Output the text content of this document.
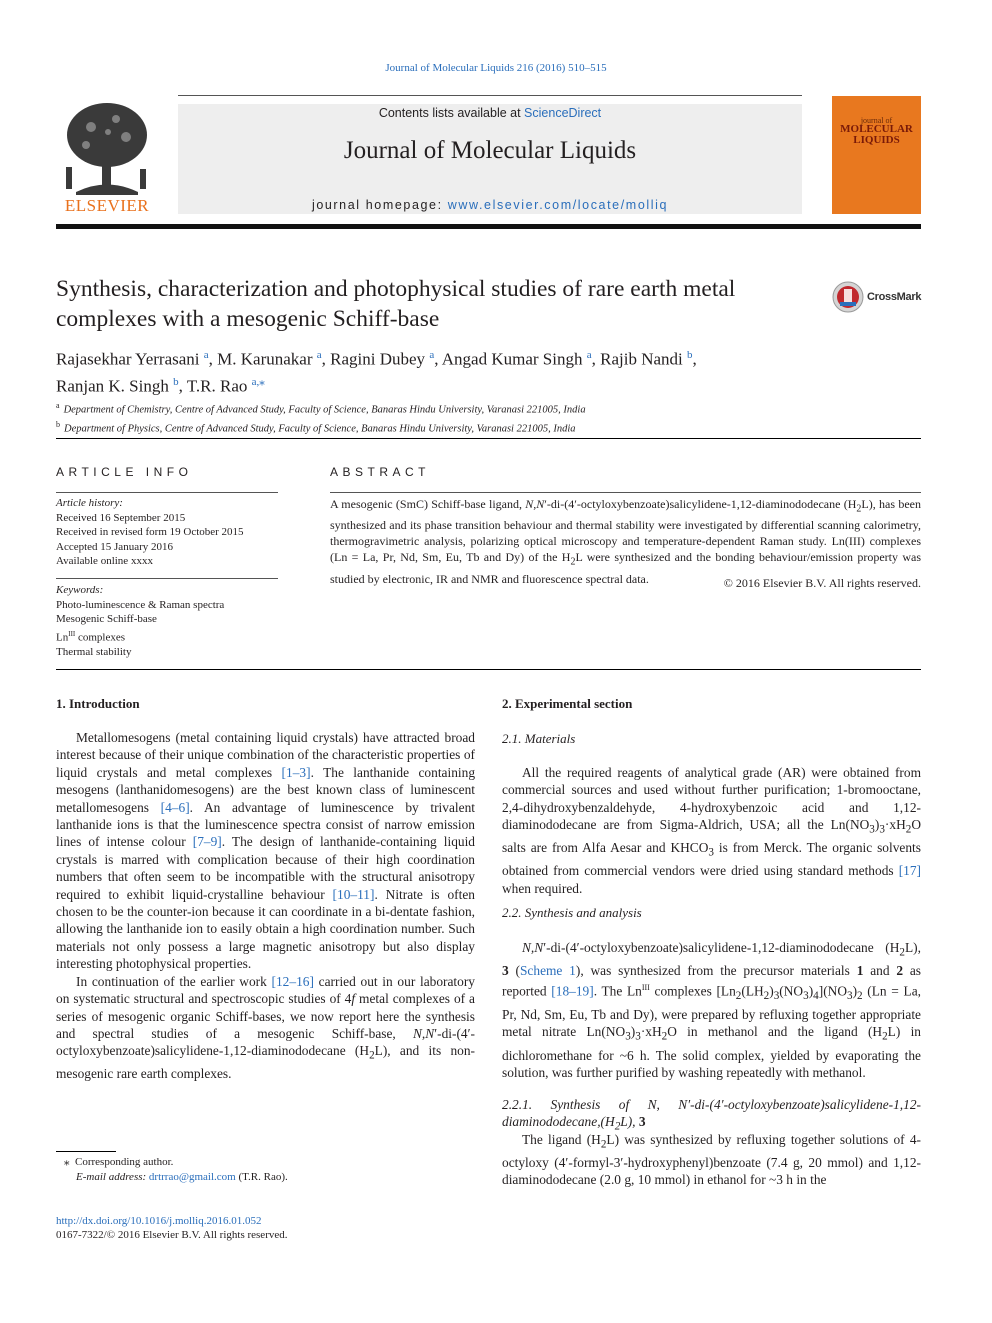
Journal of Molecular Liquids 216 (2016) 510–515
ELSEVIER
Contents lists available at ScienceDirect
Journal of Molecular Liquids
journal homepage: www.elsevier.com/locate/molliq
journal of
MOLECULAR
LIQUIDS
Synthesis, characterization and photophysical studies of rare earth metal complexes with a mesogenic Schiff-base
CrossMark
Rajasekhar Yerrasani $^a$, M. Karunakar $^a$, Ragini Dubey $^a$, Angad Kumar Singh $^a$, Rajib Nandi $^b$,
Ranjan K. Singh $^b$, T.R. Rao $^{a,⁎}$
$^a$ Department of Chemistry, Centre of Advanced Study, Faculty of Science, Banaras Hindu University, Varanasi 221005, India
$^b$ Department of Physics, Centre of Advanced Study, Faculty of Science, Banaras Hindu University, Varanasi 221005, India
ARTICLE INFO	ABSTRACT
Article history:
Received 16 September 2015
Received in revised form 19 October 2015
Accepted 15 January 2016
Available online xxxx
Keywords:
Photo-luminescence & Raman spectra
Mesogenic Schiff-base
$Ln^{III}$ complexes
Thermal stability
A mesogenic (SmC) Schiff-base ligand, N,N′-di-(4′-octyloxybenzoate)salicylidene-1,12-diaminododecane $(H_2L)$, has been synthesized and its phase transition behaviour and thermal stability were investigated by differential scanning calorimetry, thermogravimetric analysis, polarizing optical microscopy and temperature-dependent Raman study. Ln(III) complexes (Ln = La, Pr, Nd, Sm, Eu, Tb and Dy) of the $H_2L$ were synthesized and the bonding behaviour/emission property was studied by electronic, IR and NMR and fluorescence spectral data.	© 2016 Elsevier B.V. All rights reserved.
1. Introduction

Metallomesogens (metal containing liquid crystals) have attracted broad interest because of their unique combination of the characteristic properties of liquid crystals and metal complexes [1–3]. The lanthanide containing mesogens (lanthanidomesogens) are the best known class of luminescent metallomesogens [4–6]. An advantage of luminescence by trivalent lanthanide ions is that the luminescence spectra consist of narrow emission lines of intense colour [7–9]. The design of lanthanide-containing liquid crystals is marred with complication because of their high coordination numbers that often seem to be incompatible with the structural anisotropy required to exhibit liquid-crystalline behaviour [10–11]. Nitrate is often chosen to be the counter-ion because it can coordinate in a bi-dentate fashion, allowing the lanthanide ion to easily obtain a high coordination number. Such materials not only possess a large magnetic anisotropy but also display interesting photophysical properties.

In continuation of the earlier work [12–16] carried out in our laboratory on systematic structural and spectroscopic studies of 4f metal complexes of a series of mesogenic organic Schiff-bases, we now report here the synthesis and spectral studies of a mesogenic Schiff-base, N,N′-di-(4′-octyloxybenzoate)salicylidene-1,12-diaminododecane $(H_2L)$, and its non-mesogenic rare earth complexes.

2. Experimental section
2.1. Materials

All the required reagents of analytical grade (AR) were obtained from commercial sources and used without further purification; 1-bromooctane, 2,4-dihydroxybenzaldehyde, 4-hydroxybenzoic acid and 1,12-diaminododecane are from Sigma-Aldrich, USA; all the $Ln(NO_3)_3\cdot xH_2O$ salts are from Alfa Aesar and $KHCO_3$ is from Merck. The organic solvents obtained from commercial vendors were dried using standard methods [17] when required.

2.2. Synthesis and analysis

N,N′-di-(4′-octyloxybenzoate)salicylidene-1,12-diaminododecane $(H_2L)$, 3 (Scheme 1), was synthesized from the precursor materials 1 and 2 as reported [18–19]. The $Ln^{III}$ complexes $[Ln_2(LH_2)_3(NO_3)_4](NO_3)_2$ (Ln = La, Pr, Nd, Sm, Eu, Tb and Dy), were prepared by refluxing together appropriate metal nitrate $Ln(NO_3)_3\cdot xH_2O$ in methanol and the ligand $(H_2L)$ in dichloromethane for ~6 h. The solid complex, yielded by evaporating the solution, was further purified by washing repeatedly with methanol.

2.2.1. Synthesis of N, $N'-di-(4'-octyloxybenzoate)salicylidene-1,12-diaminododecane,(H_2L)$, 3

The ligand $(H_2L)$ was synthesized by refluxing together solutions of 4-octyloxy (4′-formyl-3′-hydroxyphenyl)benzoate (7.4 g, 20 mmol) and 1,12-diaminododecane (2.0 g, 10 mmol) in ethanol for ~3 h in the

⁎  Corresponding author.
E-mail address: drtrrao@gmail.com (T.R. Rao).
http://dx.doi.org/10.1016/j.molliq.2016.01.052
0167-7322/© 2016 Elsevier B.V. All rights reserved.
